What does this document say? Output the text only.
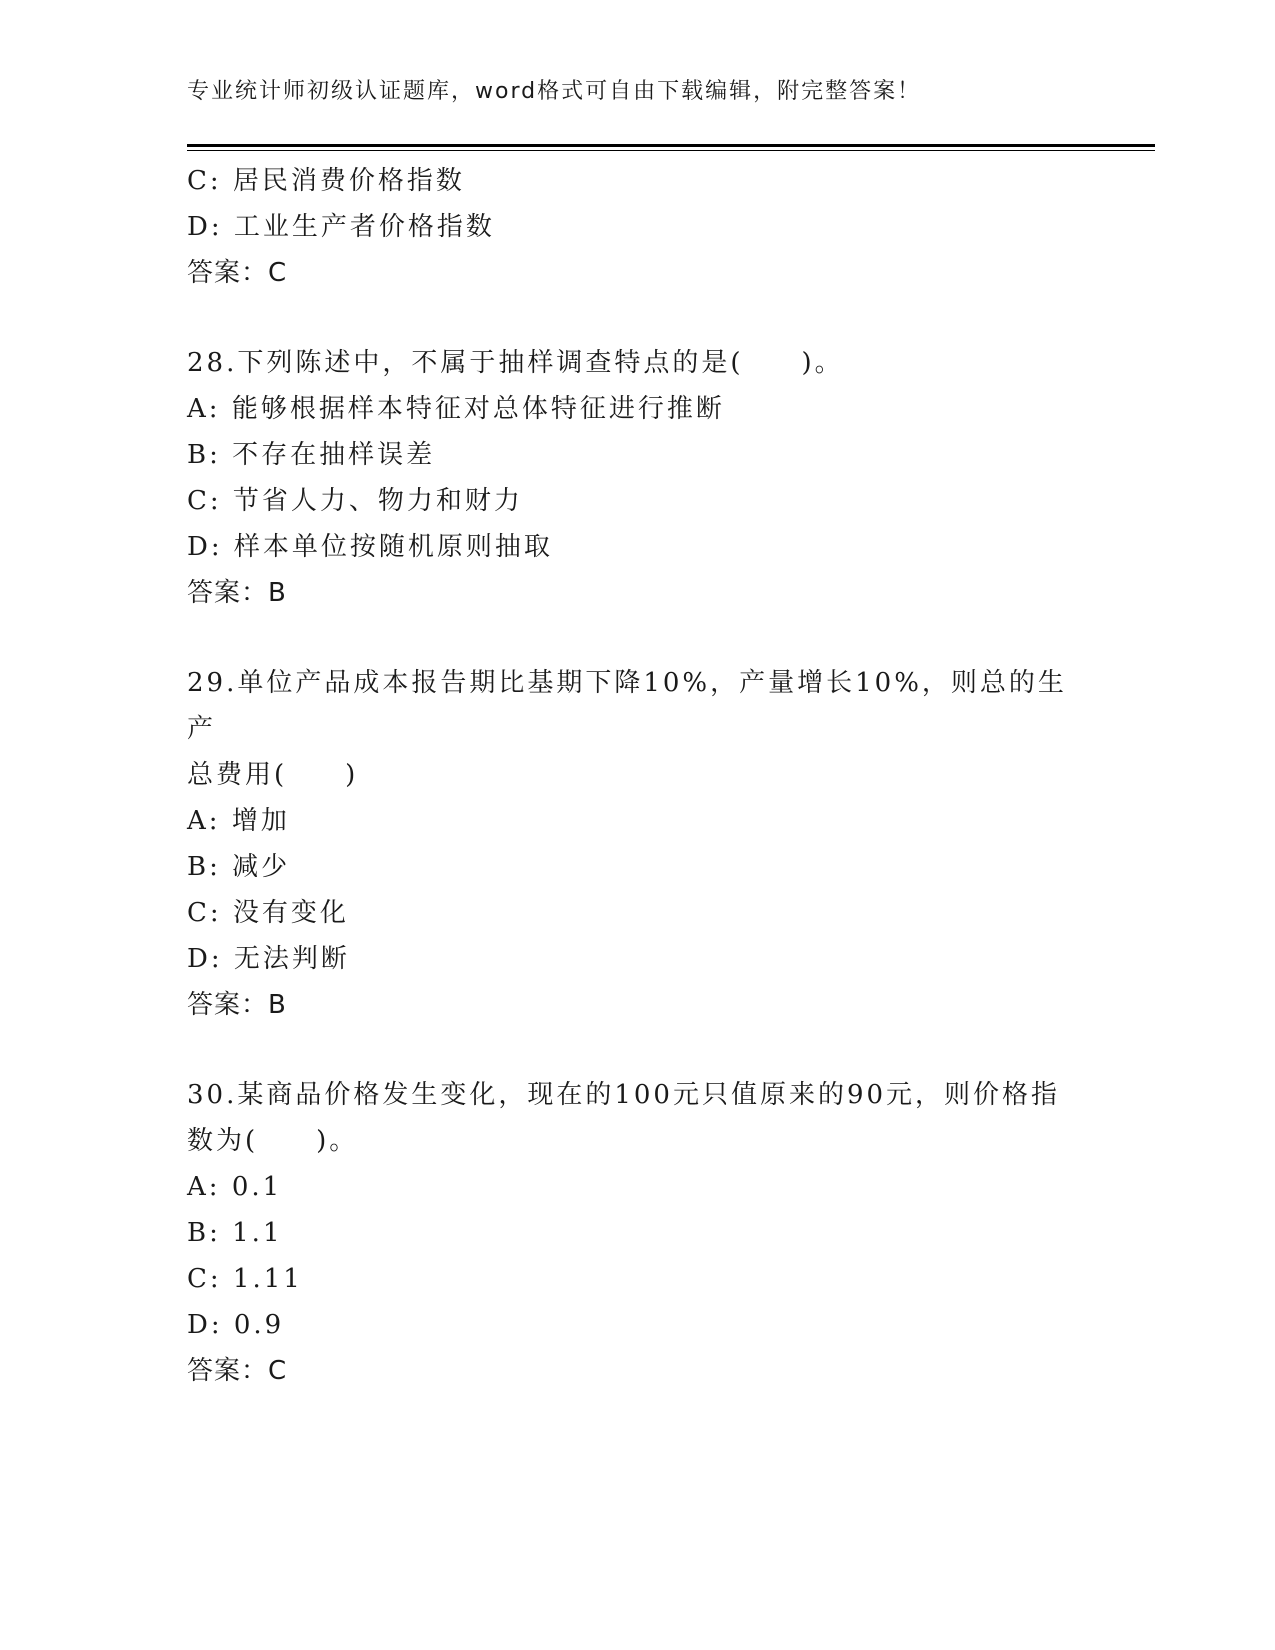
专业统计师初级认证题库，word格式可自由下载编辑，附完整答案！
C: 居民消费价格指数
D: 工业生产者价格指数
答案：C
28.下列陈述中，不属于抽样调查特点的是(　　)。
A: 能够根据样本特征对总体特征进行推断
B: 不存在抽样误差
C: 节省人力、物力和财力
D: 样本单位按随机原则抽取
答案：B
29.单位产品成本报告期比基期下降10%，产量增长10%，则总的生产
总费用(　　)
A: 增加
B: 减少
C: 没有变化
D: 无法判断
答案：B
30.某商品价格发生变化，现在的100元只值原来的90元，则价格指
数为(　　)。
A: 0.1
B: 1.1
C: 1.11
D: 0.9
答案：C
